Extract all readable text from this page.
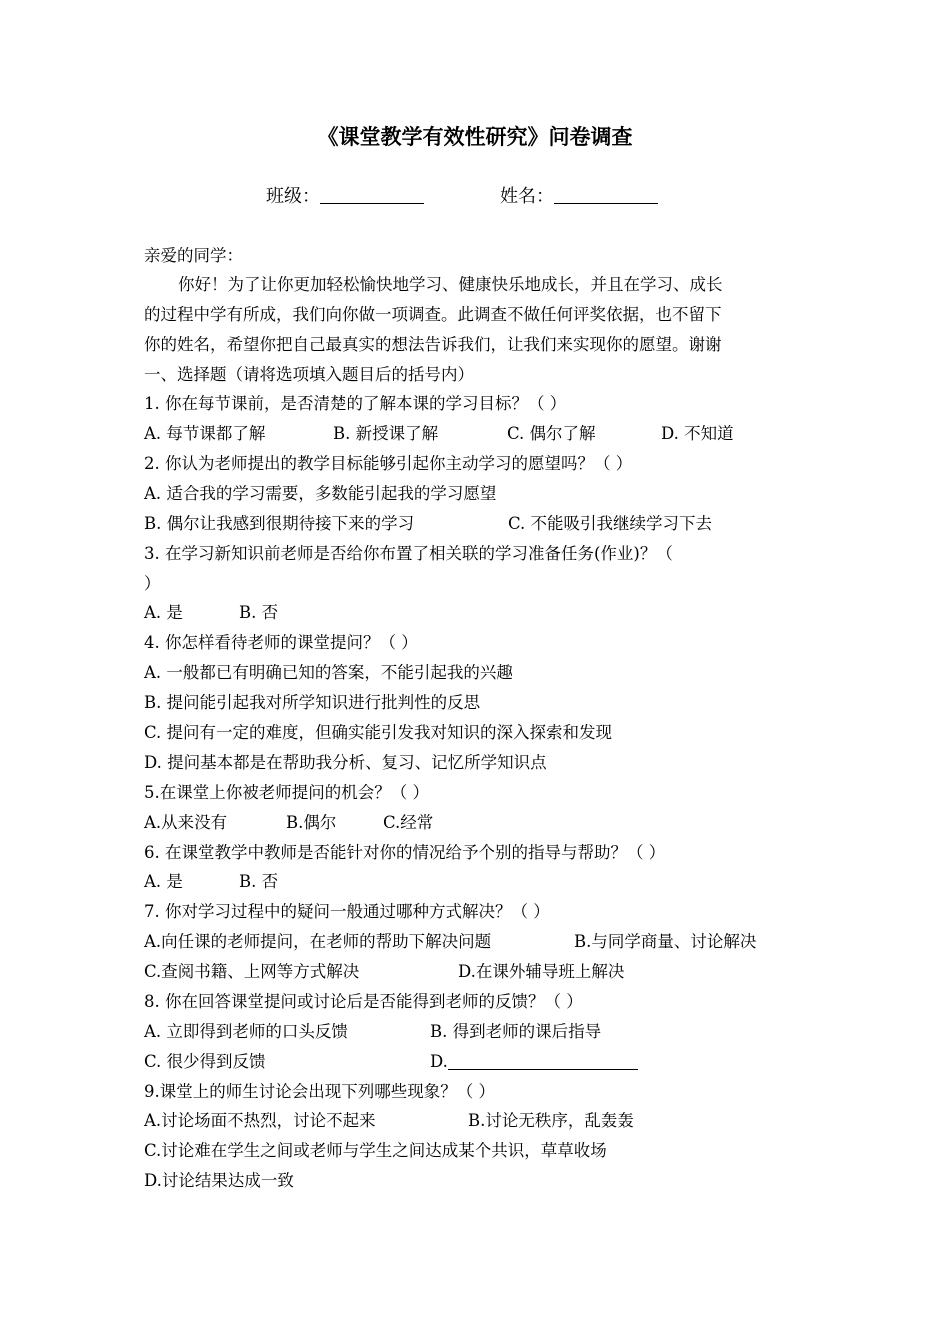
《课堂教学有效性研究》问卷调查
班级：	姓名：
亲爱的同学：
你好！为了让你更加轻松愉快地学习、健康快乐地成长，并且在学习、成长
的过程中学有所成，我们向你做一项调查。此调查不做任何评奖依据，也不留下
你的姓名，希望你把自己最真实的想法告诉我们，让我们来实现你的愿望。谢谢
一、选择题（请将选项填入题目后的括号内）
1. 你在每节课前，是否清楚的了解本课的学习目标？（ ）
A. 每节课都了解	B. 新授课了解	C. 偶尔了解	D. 不知道
2. 你认为老师提出的教学目标能够引起你主动学习的愿望吗？（ ）
A. 适合我的学习需要，多数能引起我的学习愿望
B. 偶尔让我感到很期待接下来的学习	C. 不能吸引我继续学习下去
3. 在学习新知识前老师是否给你布置了相关联的学习准备任务(作业)？（
）
A. 是	B. 否
4. 你怎样看待老师的课堂提问？（ ）
A. 一般都已有明确已知的答案，不能引起我的兴趣
B. 提问能引起我对所学知识进行批判性的反思
C. 提问有一定的难度，但确实能引发我对知识的深入探索和发现
D. 提问基本都是在帮助我分析、复习、记忆所学知识点
5.在课堂上你被老师提问的机会？（ ）
A.从来没有	B.偶尔	C.经常
6. 在课堂教学中教师是否能针对你的情况给予个别的指导与帮助？（ ）
A. 是	B. 否
7. 你对学习过程中的疑问一般通过哪种方式解决？（ ）
A.向任课的老师提问，在老师的帮助下解决问题	B.与同学商量、讨论解决
C.查阅书籍、上网等方式解决	D.在课外辅导班上解决
8. 你在回答课堂提问或讨论后是否能得到老师的反馈？（ ）
A. 立即得到老师的口头反馈	B. 得到老师的课后指导
C. 很少得到反馈	D.
9.课堂上的师生讨论会出现下列哪些现象？（ ）
A.讨论场面不热烈，讨论不起来	B.讨论无秩序，乱轰轰
C.讨论难在学生之间或老师与学生之间达成某个共识，草草收场
D.讨论结果达成一致
